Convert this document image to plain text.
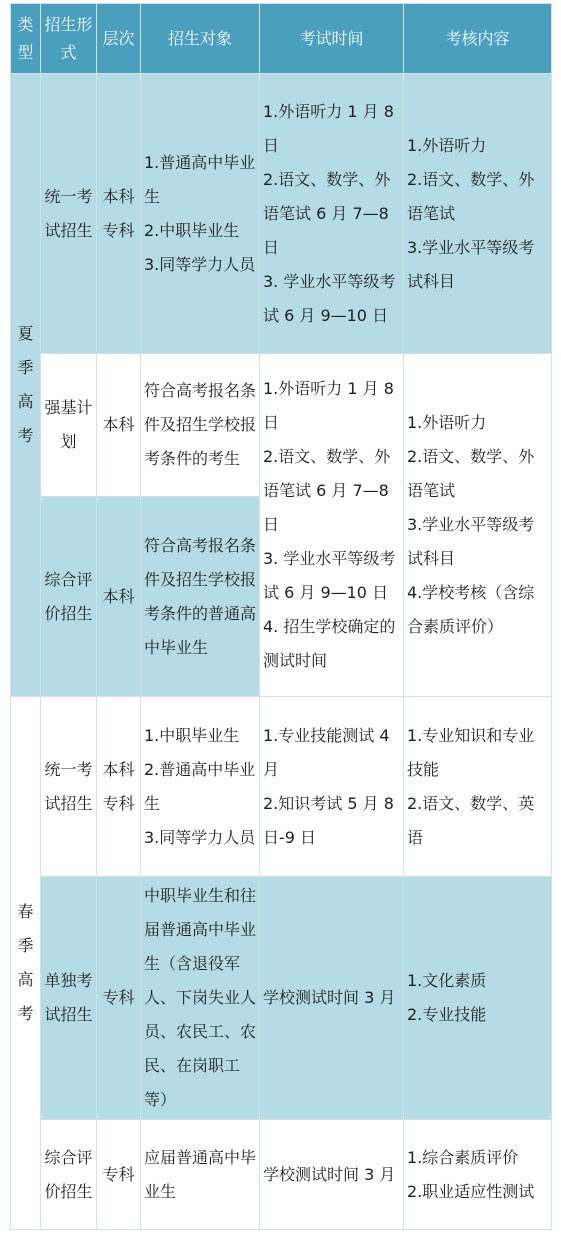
类型	招生形式	层次	招生对象	考试时间	考核内容
夏季高考	统一考试招生	本科专科	1.普通高中毕业生
2.中职毕业生
3.同等学力人员	1.外语听力 1 月 8 日
2.语文、数学、外语笔试 6 月 7—8 日
3. 学业水平等级考试 6 月 9—10 日	1.外语听力
2.语文、数学、外语笔试
3.学业水平等级考试科目
	强基计划	本科	符合高考报名条件及招生学校报考条件的考生	1.外语听力 1 月 8 日
2.语文、数学、外语笔试 6 月 7—8 日
3. 学业水平等级考试 6 月 9—10 日
4. 招生学校确定的测试时间	1.外语听力
2.语文、数学、外语笔试
3.学业水平等级考试科目
4.学校考核（含综合素质评价）
	综合评价招生	本科	符合高考报名条件及招生学校报考条件的普通高中毕业生		
春季高考	统一考试招生	本科专科	1.中职毕业生
2.普通高中毕业生
3.同等学力人员	1.专业技能测试 4 月
2.知识考试 5 月 8 日-9 日	1.专业知识和专业技能
2.语文、数学、英语
	单独考试招生	专科	中职毕业生和往届普通高中毕业生（含退役军人、下岗失业人员、农民工、农民、在岗职工等）	学校测试时间 3 月	1.文化素质
2.专业技能
	综合评价招生	专科	应届普通高中毕业生	学校测试时间 3 月	1.综合素质评价
2.职业适应性测试
